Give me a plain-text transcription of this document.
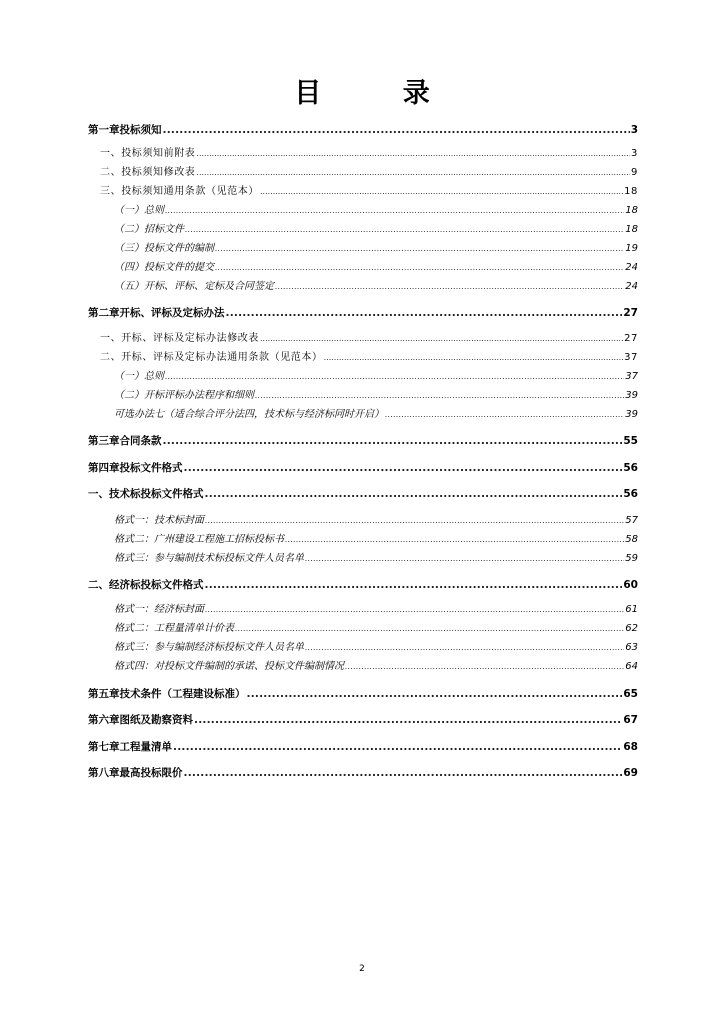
目 录
第一章投标须知 .....	3
一、投标须知前附表 .....	3
二、投标须知修改表 .....	9
三、投标须知通用条款（见范本） .....	18
（一）总则 .....	18
（二）招标文件 .....	18
（三）投标文件的编制 .....	19
（四）投标文件的提交 .....	24
（五）开标、评标、定标及合同签定 .....	24
第二章开标、评标及定标办法 .....	27
一、开标、评标及定标办法修改表 .....	27
二、开标、评标及定标办法通用条款（见范本） .....	37
（一）总则 .....	37
（二）开标评标办法程序和细则 .....	39
可选办法七（适合综合评分法四，技术标与经济标同时开启） .....	39
第三章合同条款 .....	55
第四章投标文件格式 .....	56
一、技术标投标文件格式 .....	56
格式一：技术标封面 .....	57
格式二：广州建设工程施工招标投标书 .....	58
格式三：参与编制技术标投标文件人员名单 .....	59
二、经济标投标文件格式 .....	60
格式一：经济标封面 .....	61
格式二：工程量清单计价表 .....	62
格式三：参与编制经济标投标文件人员名单 .....	63
格式四：对投标文件编制的承诺、投标文件编制情况 .....	64
第五章技术条件（工程建设标准） .....	65
第六章图纸及勘察资料 .....	67
第七章工程量清单 .....	68
第八章最高投标限价 .....	69
2
